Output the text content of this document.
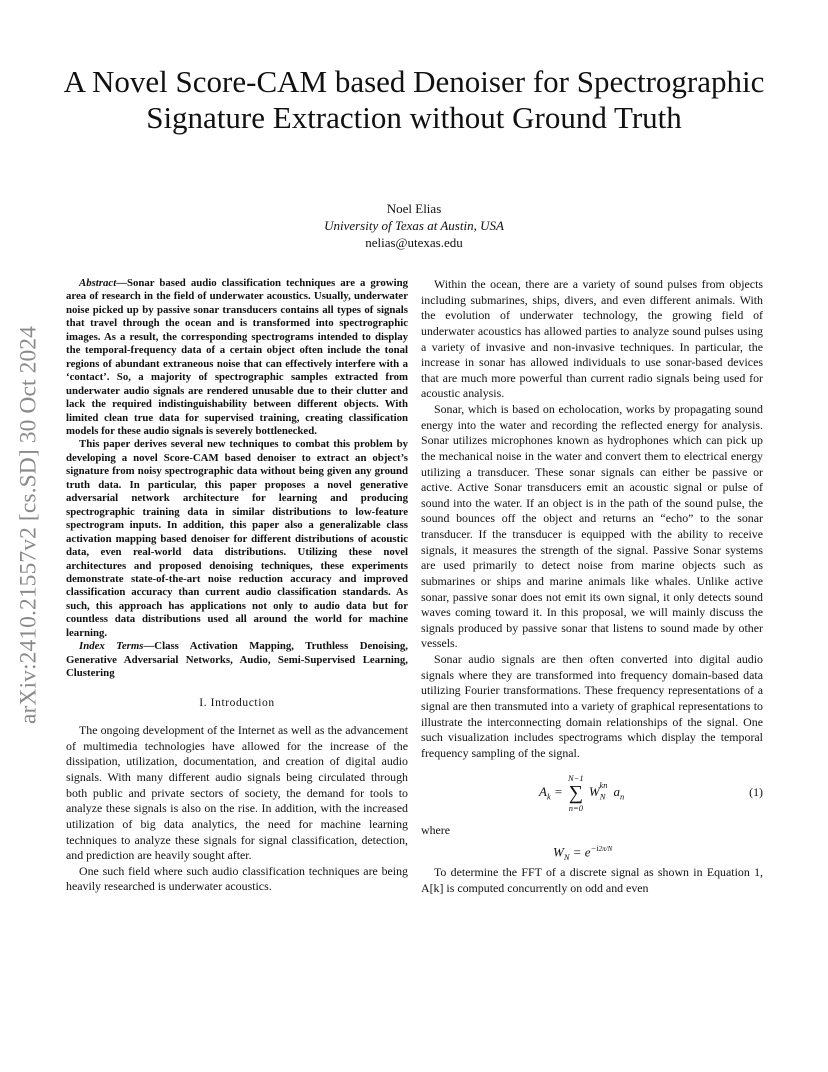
arXiv:2410.21557v2 [cs.SD] 30 Oct 2024
A Novel Score-CAM based Denoiser for Spectrographic Signature Extraction without Ground Truth
Noel Elias
University of Texas at Austin, USA
nelias@utexas.edu

Abstract—Sonar based audio classification techniques are a growing area of research in the field of underwater acoustics. Usually, underwater noise picked up by passive sonar transducers contains all types of signals that travel through the ocean and is transformed into spectrographic images. As a result, the corresponding spectrograms intended to display the temporal-frequency data of a certain object often include the tonal regions of abundant extraneous noise that can effectively interfere with a ‘contact’. So, a majority of spectrographic samples extracted from underwater audio signals are rendered unusable due to their clutter and lack the required indistinguishability between different objects. With limited clean true data for supervised training, creating classification models for these audio signals is severely bottlenecked.

This paper derives several new techniques to combat this problem by developing a novel Score-CAM based denoiser to extract an object’s signature from noisy spectrographic data without being given any ground truth data. In particular, this paper proposes a novel generative adversarial network architecture for learning and producing spectrographic training data in similar distributions to low-feature spectrogram inputs. In addition, this paper also a generalizable class activation mapping based denoiser for different distributions of acoustic data, even real-world data distributions. Utilizing these novel architectures and proposed denoising techniques, these experiments demonstrate state-of-the-art noise reduction accuracy and improved classification accuracy than current audio classification standards. As such, this approach has applications not only to audio data but for countless data distributions used all around the world for machine learning.

Index Terms—Class Activation Mapping, Truthless Denoising, Generative Adversarial Networks, Audio, Semi-Supervised Learning, Clustering

I. Introduction

The ongoing development of the Internet as well as the advancement of multimedia technologies have allowed for the increase of the dissipation, utilization, documentation, and creation of digital audio signals. With many different audio signals being circulated through both public and private sectors of society, the demand for tools to analyze these signals is also on the rise. In addition, with the increased utilization of big data analytics, the need for machine learning techniques to analyze these signals for signal classification, detection, and prediction are heavily sought after.

One such field where such audio classification techniques are being heavily researched is underwater acoustics.

Within the ocean, there are a variety of sound pulses from objects including submarines, ships, divers, and even different animals. With the evolution of underwater technology, the growing field of underwater acoustics has allowed parties to analyze sound pulses using a variety of invasive and non-invasive techniques. In particular, the increase in sonar has allowed individuals to use sonar-based devices that are much more powerful than current radio signals being used for acoustic analysis.

Sonar, which is based on echolocation, works by propagating sound energy into the water and recording the reflected energy for analysis. Sonar utilizes microphones known as hydrophones which can pick up the mechanical noise in the water and convert them to electrical energy utilizing a transducer. These sonar signals can either be passive or active. Active Sonar transducers emit an acoustic signal or pulse of sound into the water. If an object is in the path of the sound pulse, the sound bounces off the object and returns an “echo” to the sonar transducer. If the transducer is equipped with the ability to receive signals, it measures the strength of the signal. Passive Sonar systems are used primarily to detect noise from marine objects such as submarines or ships and marine animals like whales. Unlike active sonar, passive sonar does not emit its own signal, it only detects sound waves coming toward it. In this proposal, we will mainly discuss the signals produced by passive sonar that listens to sound made by other vessels.

Sonar audio signals are then often converted into digital audio signals where they are transformed into frequency domain-based data utilizing Fourier transformations. These frequency representations of a signal are then transmuted into a variety of graphical representations to illustrate the interconnecting domain relationships of the signal. One such visualization includes spectrograms which display the temporal frequency sampling of the signal.

$A_k$ =
N−1
∑
n=0
$W_N^{kn}$ $a_n$	(1)

where

$W_N = e^{-i2\pi/N}$

To determine the FFT of a discrete signal as shown in Equation 1, A[k] is computed concurrently on odd and even
